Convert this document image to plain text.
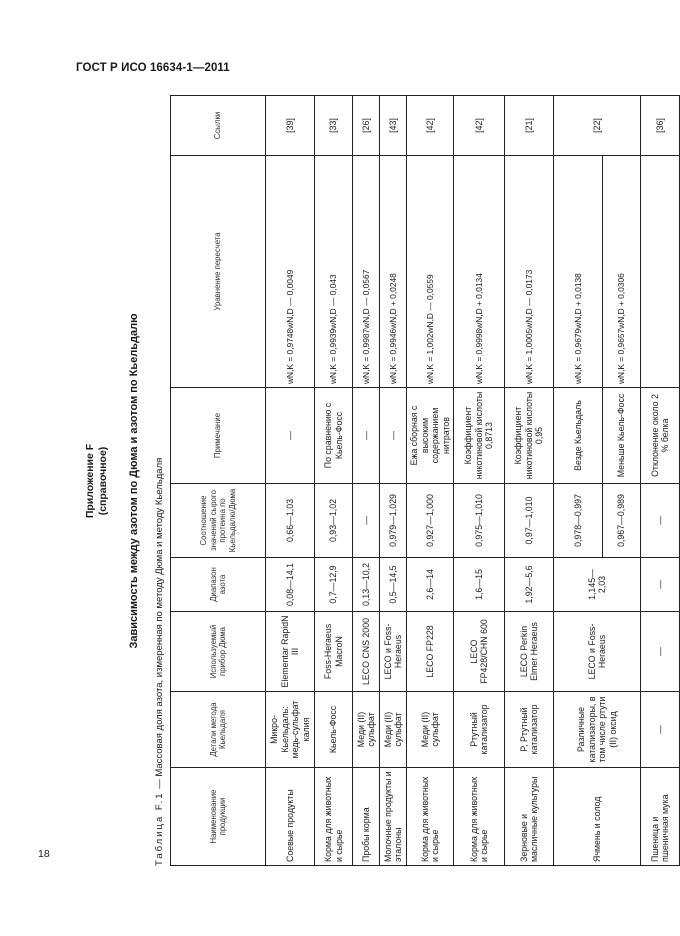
ГОСТ Р ИСО 16634-1—2011
18
Приложение F (справочное) Зависимость между азотом по Дюма и азотом по Кьельдалю
Таблица F.1 — Массовая доля азота, измеренная по методу Дюма и методу Кьельдаля
Наименование продукции	Детали метода Кьельдаля	Используемый прибор Дюма	Диапазон азота	Соотношение значений сырого протеина по Кьельдалю/Дюма	Примечание	Уравнение пересчета	Ссылки
Соевые продукты	Микро-Кьельдаль: медь-сульфат калия	Elementar RapidN III	0,08—14,1	0,66—1,03	—	wN,K = 0,9748wN,D — 0,0049	[39]
Корма для животных и сырье	Кьель-Фосс	Foss-Heraeus MacroN	0,7—12,9	0,93—1,02	По сравнению с Кьель-Фосс	wN,K = 0,9939wN,D — 0,043	[33]
Пробы корма	Меди (II) сульфат	LECO CNS 2000	0,13—10,2	—	—	wN,K = 0,9987wN,D — 0,0567	[26]
Молочные продукты и эталоны	Меди (II) сульфат	LECO и Foss-Heraeus	0,5—14,5	0,979—1,029	—	wN,K = 0,9946wN,D + 0,0248	[43]
Корма для животных и сырье	Меди (II) сульфат	LECO FP228	2,6—14	0,927—1,000	Ежа сборная с высоким содержанием нитратов	wN,K = 1,002wN,D — 0,0559	[42]
Корма для животных и сырье	Ртутный катализатор	LECO FP428/CHN 600	1,6—15	0,975—1,010	Коэффициент никотиновой кислоты 0,8713	wN,K = 0,9998wN,D + 0,0134	[42]
Зерновые и масличные культуры	P, Ртутный катализатор	LECO Perkin Elmer Heraeus	1,92—5,6	0,97—1,010	Коэффициент никотиновой кислоты 0,95	wN,K = 1,0005wN,D — 0,0173	[21]
Ячмень и солод	Различные катализаторы, в том числе ртути (II) оксид	LECO и Foss-Heraeus	1,145—2,03	0,978—0,997	Везде Кьельдаль	wN,K = 0,9679wN,D + 0,0138	[22]
				0,967—0,989	Меньше Кьель-Фосс	wN,K = 0,9657wN,D + 0,0306	
Пшеница и пшеничная мука	—	—	—	—	Отклонение около 2 % белка		[36]
